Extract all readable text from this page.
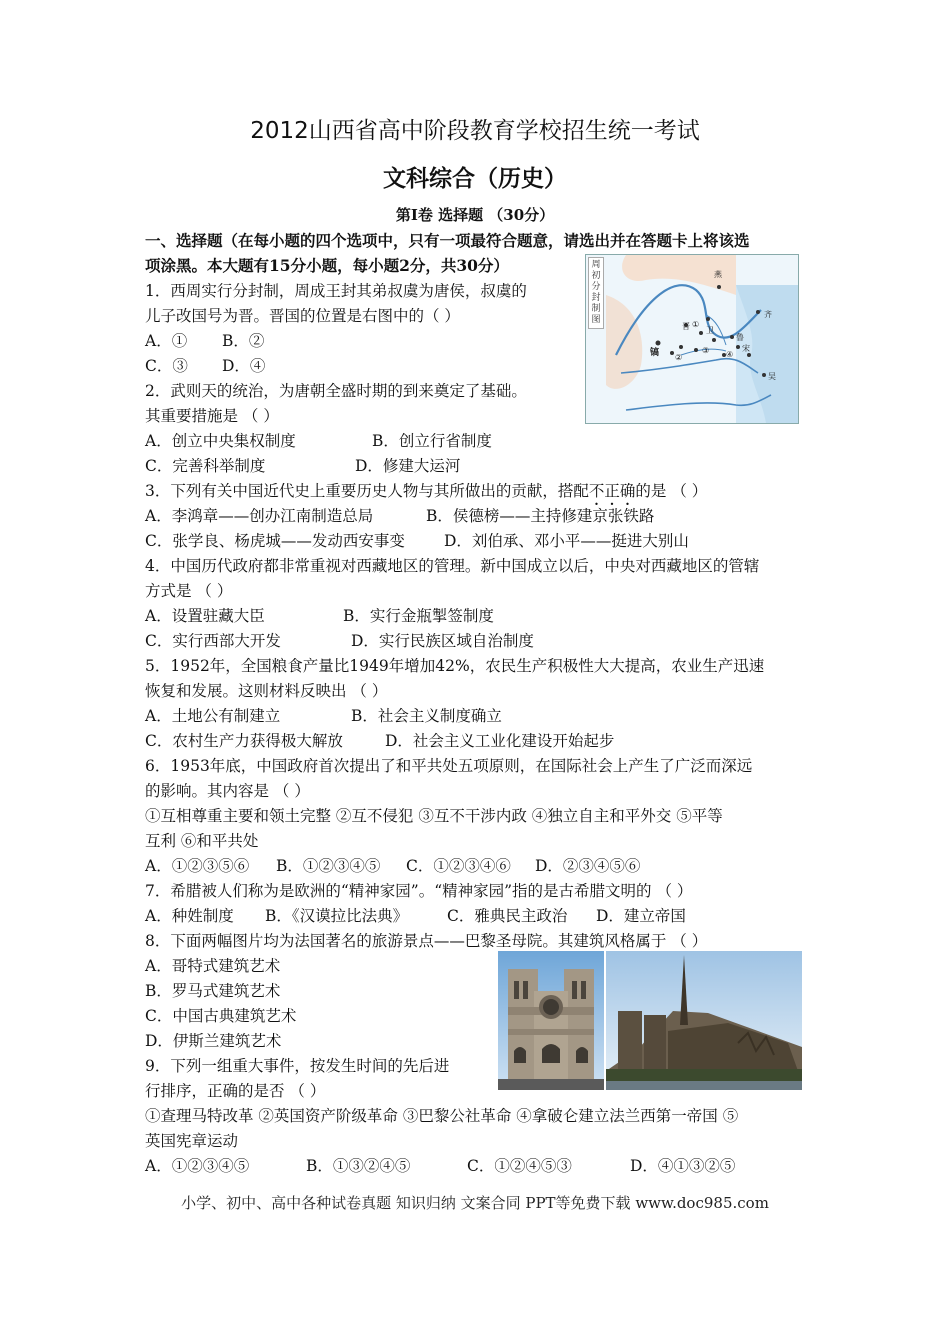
2012山西省高中阶段教育学校招生统一考试
文科综合（历史）
第I卷 选择题 （30分）
一、选择题（在每小题的四个选项中，只有一项最符合题意，请选出并在答题卡上将该选
项涂黑。本大题有15分小题，每小题2分，共30分）
1．西周实行分封制，周成王封其弟叔虞为唐侯，叔虞的
儿子改国号为晋。晋国的位置是右图中的（ ）
A．① B．②
C．③ D．④
周初分封制图
燕
齐
晋 卫
鲁
宋
镐
吴
①
②
③ ④
2．武则天的统治，为唐朝全盛时期的到来奠定了基础。
其重要措施是 （ ）
A．创立中央集权制度	B．创立行省制度
C．完善科举制度	D．修建大运河
3．下列有关中国近代史上重要历史人物与其所做出的贡献，搭配不正确的是 （ ）
A．李鸿章——创办江南制造总局	B．侯德榜——主持修建京张铁路
C．张学良、杨虎城——发动西安事变	D．刘伯承、邓小平——挺进大别山
4．中国历代政府都非常重视对西藏地区的管理。新中国成立以后，中央对西藏地区的管辖
方式是 （ ）
A．设置驻藏大臣	B．实行金瓶掣签制度
C．实行西部大开发	D．实行民族区域自治制度
5．1952年，全国粮食产量比1949年增加42%，农民生产积极性大大提高，农业生产迅速
恢复和发展。这则材料反映出 （ ）
A．土地公有制建立	B．社会主义制度确立
C．农村生产力获得极大解放	D．社会主义工业化建设开始起步
6．1953年底，中国政府首次提出了和平共处五项原则，在国际社会上产生了广泛而深远
的影响。其内容是 （ ）
①互相尊重主要和领土完整 ②互不侵犯 ③互不干涉内政 ④独立自主和平外交 ⑤平等
互利 ⑥和平共处
A．①②③⑤⑥ B．①②③④⑤ C．①②③④⑥ D．②③④⑤⑥
7．希腊被人们称为是欧洲的“精神家园”。“精神家园”指的是古希腊文明的 （ ）
A．种姓制度 B．《汉谟拉比法典》	C．雅典民主政治 D．建立帝国
8．下面两幅图片均为法国著名的旅游景点——巴黎圣母院。其建筑风格属于 （ ）
A．哥特式建筑艺术
B．罗马式建筑艺术
C．中国古典建筑艺术
D．伊斯兰建筑艺术
9．下列一组重大事件，按发生时间的先后进
行排序，正确的是否 （ ）
①查理马特改革 ②英国资产阶级革命 ③巴黎公社革命 ④拿破仑建立法兰西第一帝国 ⑤
英国宪章运动
A．①②③④⑤	B．①③②④⑤	C．①②④⑤③	D．④①③②⑤
小学、初中、高中各种试卷真题 知识归纳 文案合同 PPT等免费下载 www.doc985.com
